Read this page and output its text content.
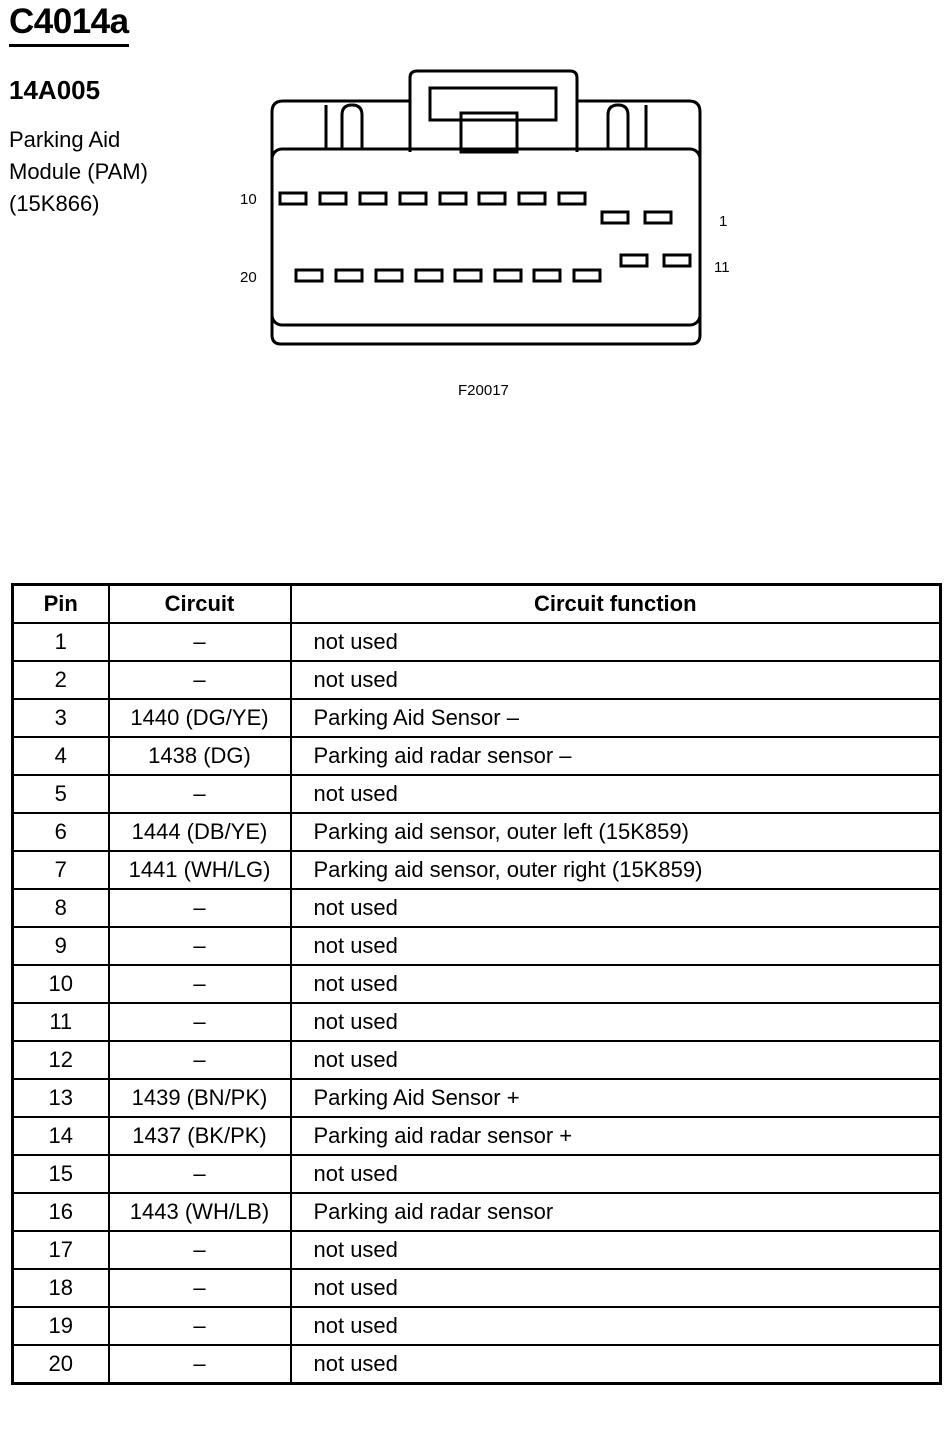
C4014a
14A005
Parking Aid
Module (PAM)
(15K866)	10
1
20
11
F20017
Pin	Circuit	Circuit function
1	–	not used
2	–	not used
3	1440 (DG/YE)	Parking Aid Sensor –
4	1438 (DG)	Parking aid radar sensor –
5	–	not used
6	1444 (DB/YE)	Parking aid sensor, outer left (15K859)
7	1441 (WH/LG)	Parking aid sensor, outer right (15K859)
8	–	not used
9	–	not used
10	–	not used
11	–	not used
12	–	not used
13	1439 (BN/PK)	Parking Aid Sensor +
14	1437 (BK/PK)	Parking aid radar sensor +
15	–	not used
16	1443 (WH/LB)	Parking aid radar sensor
17	–	not used
18	–	not used
19	–	not used
20	–	not used
